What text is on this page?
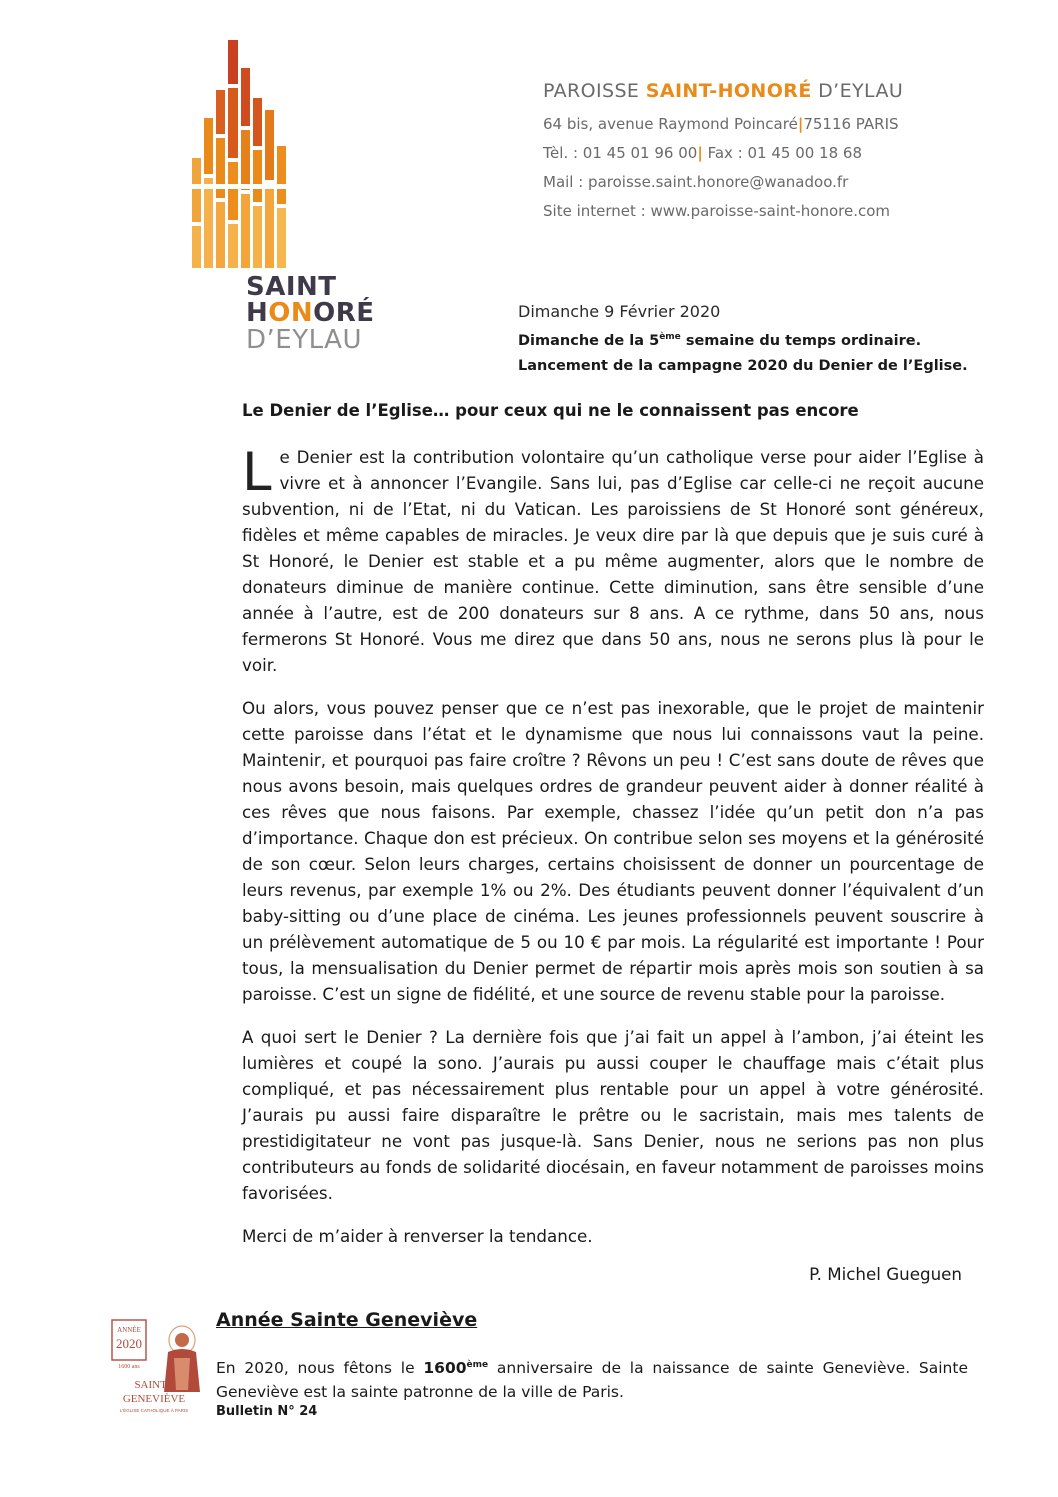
SAINT
HONORÉ
D’EYLAU
PAROISSE SAINT-HONORÉ D’EYLAU
64 bis, avenue Raymond Poincaré|75116 PARIS
Tèl. : 01 45 01 96 00| Fax : 01 45 00 18 68
Mail : paroisse.saint.honore@wanadoo.fr
Site internet : www.paroisse-saint-honore.com
Dimanche 9 Février 2020
Dimanche de la 5ème semaine du temps ordinaire.
Lancement de la campagne 2020 du Denier de l’Eglise.
Le Denier de l’Eglise… pour ceux qui ne le connaissent pas encore

Le Denier est la contribution volontaire qu’un catholique verse pour aider l’Eglise à vivre et à annoncer l’Evangile. Sans lui, pas d’Eglise car celle-ci ne reçoit aucune subvention, ni de l’Etat, ni du Vatican. Les paroissiens de St Honoré sont généreux, fidèles et même capables de miracles. Je veux dire par là que depuis que je suis curé à St Honoré, le Denier est stable et a pu même augmenter, alors que le nombre de donateurs diminue de manière continue. Cette diminution, sans être sensible d’une année à l’autre, est de 200 donateurs sur 8 ans. A ce rythme, dans 50 ans, nous fermerons St Honoré. Vous me direz que dans 50 ans, nous ne serons plus là pour le voir.

Ou alors, vous pouvez penser que ce n’est pas inexorable, que le projet de maintenir cette paroisse dans l’état et le dynamisme que nous lui connaissons vaut la peine. Maintenir, et pourquoi pas faire croître ? Rêvons un peu ! C’est sans doute de rêves que nous avons besoin, mais quelques ordres de grandeur peuvent aider à donner réalité à ces rêves que nous faisons. Par exemple, chassez l’idée qu’un petit don n’a pas d’importance. Chaque don est précieux. On contribue selon ses moyens et la générosité de son cœur. Selon leurs charges, certains choisissent de donner un pourcentage de leurs revenus, par exemple 1% ou 2%. Des étudiants peuvent donner l’équivalent d’un baby-sitting ou d’une place de cinéma. Les jeunes professionnels peuvent souscrire à un prélèvement automatique de 5 ou 10 € par mois. La régularité est importante ! Pour tous, la mensualisation du Denier permet de répartir mois après mois son soutien à sa paroisse. C’est un signe de fidélité, et une source de revenu stable pour la paroisse.

A quoi sert le Denier ? La dernière fois que j’ai fait un appel à l’ambon, j’ai éteint les lumières et coupé la sono. J’aurais pu aussi couper le chauffage mais c’était plus compliqué, et pas nécessairement plus rentable pour un appel à votre générosité. J’aurais pu aussi faire disparaître le prêtre ou le sacristain, mais mes talents de prestidigitateur ne vont pas jusque-là. Sans Denier, nous ne serions pas non plus contributeurs au fonds de solidarité diocésain, en faveur notamment de paroisses moins favorisées.

Merci de m’aider à renverser la tendance.

P. Michel Gueguen
ANNÉE
2020
1600 ans
SAINTE
GENEVIÈVE
L’ÉGLISE CATHOLIQUE À PARIS
Année Sainte Geneviève
En 2020, nous fêtons le 1600ème anniversaire de la naissance de sainte Geneviève. Sainte Geneviève est la sainte patronne de la ville de Paris.
Bulletin N° 24
